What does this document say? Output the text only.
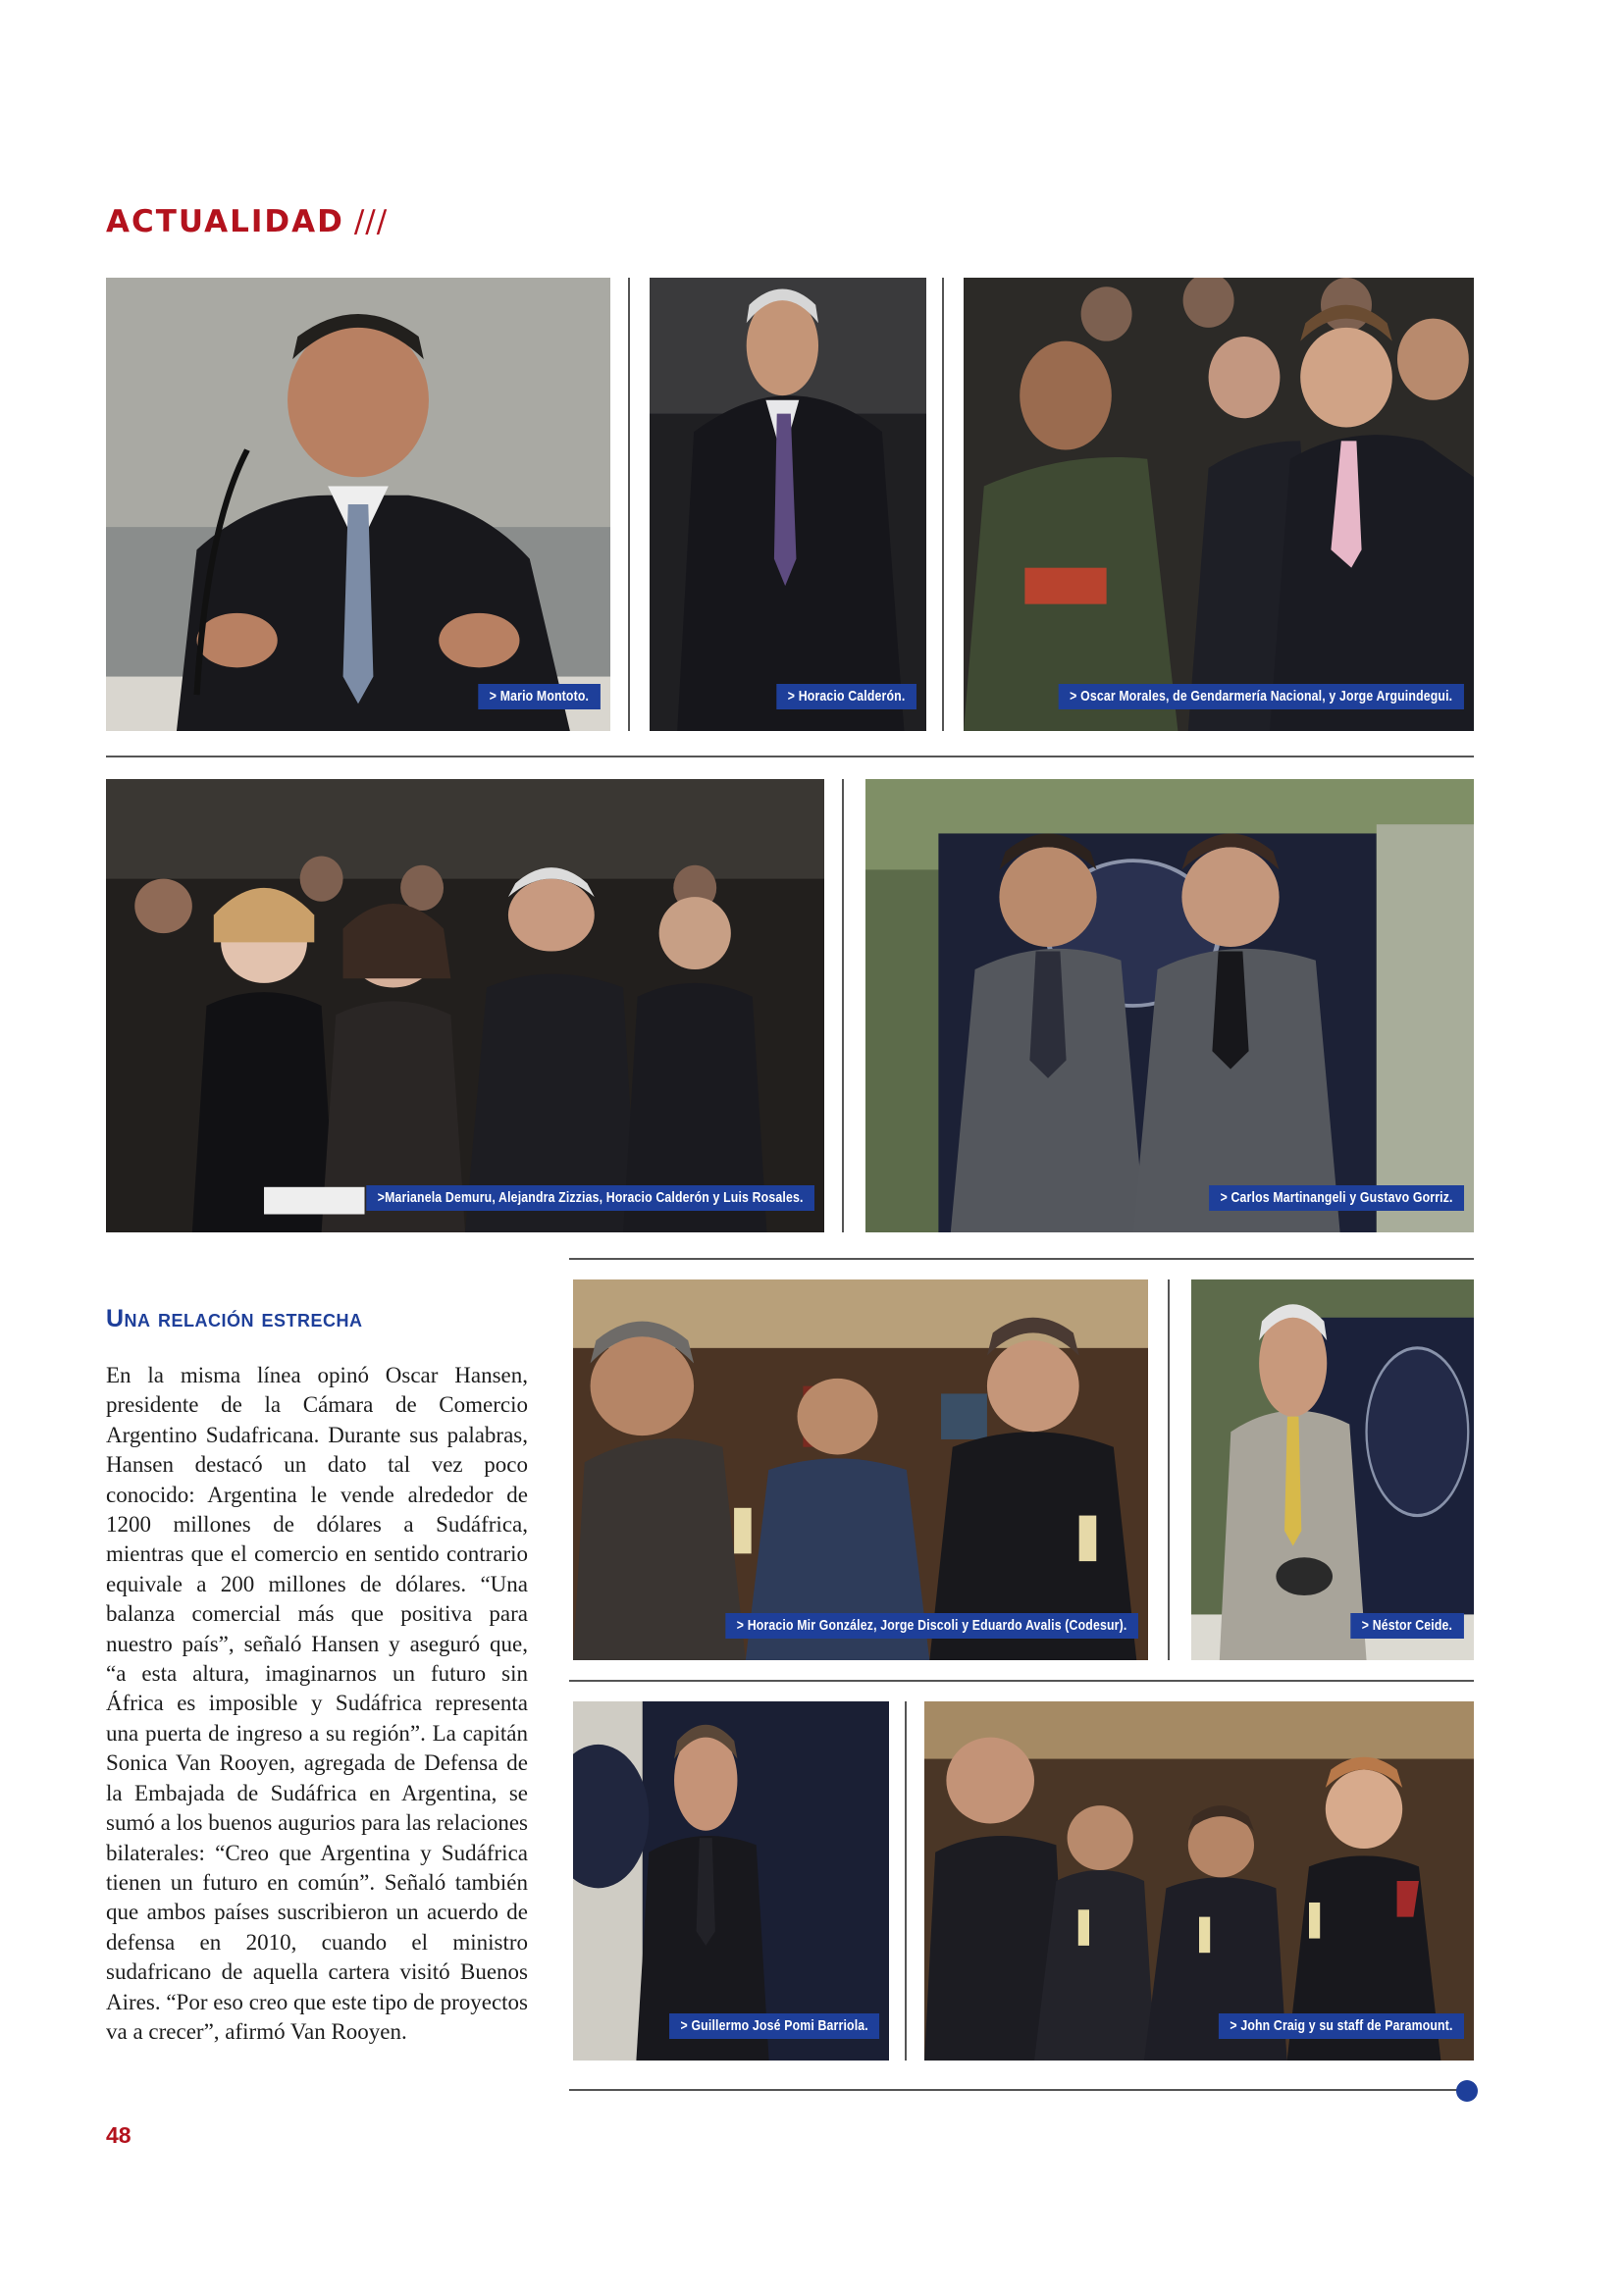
ACTUALIDAD ///
> Mario Montoto.	> Horacio Calderón.	> Oscar Morales, de Gendarmería Nacional, y Jorge Arguindegui.
>Marianela Demuru, Alejandra Zizzias, Horacio Calderón y Luis Rosales.	> Carlos Martinangeli y Gustavo Gorriz.
Una relación estrecha

En la misma línea opinó Oscar Hansen, presidente de la Cámara de Comercio Argentino Sudafricana. Durante sus palabras, Hansen destacó un dato tal vez poco conocido: Argentina le vende alrededor de 1200 millones de dólares a Sudáfrica, mientras que el comercio en sentido contrario equivale a 200 millones de dólares. “Una balanza comercial más que positiva para nuestro país”, señaló Hansen y aseguró que, “a esta altura, imaginarnos un futuro sin África es imposible y Sudáfrica representa una puerta de ingreso a su región”. La capitán Sonica Van Rooyen, agregada de Defensa de la Embajada de Sudáfrica en Argentina, se sumó a los buenos augurios para las relaciones bilaterales: “Creo que Argentina y Sudáfrica tienen un futuro en común”. Señaló también que ambos países suscribieron un acuerdo de defensa en 2010, cuando el ministro sudafricano de aquella cartera visitó Buenos Aires. “Por eso creo que este tipo de proyectos va a crecer”, afirmó Van Rooyen.

> Horacio Mir González, Jorge Discoli y Eduardo Avalis (Codesur).	> Néstor Ceide.
> Guillermo José Pomi Barriola.	> John Craig y su staff de Paramount.
48
